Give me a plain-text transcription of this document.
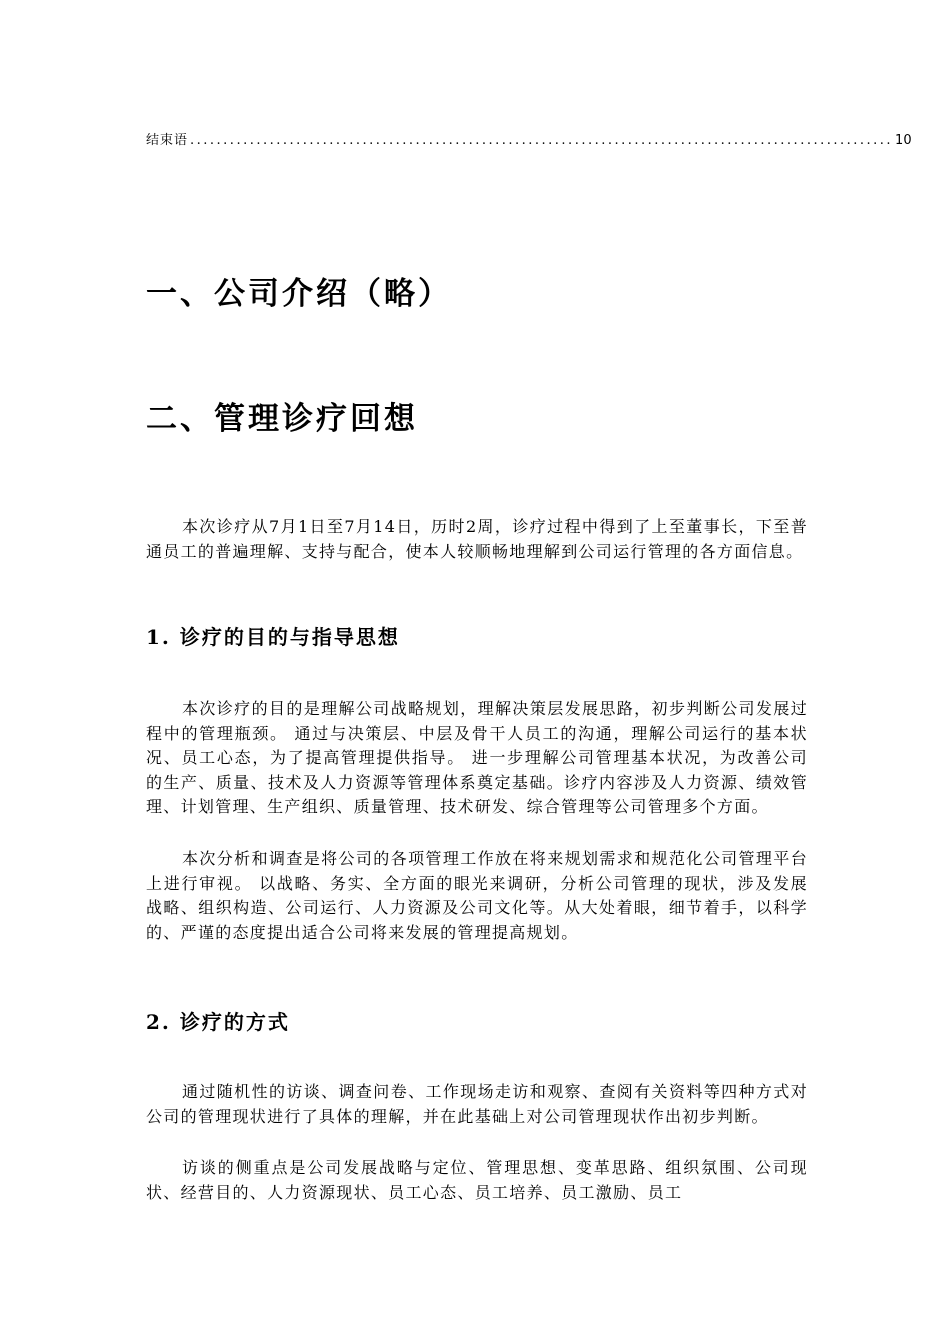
结束语 .......................................................................................................... 10
一、公司介绍（略）
二、管理诊疗回想

本次诊疗从7月1日至7月14日，历时2周，诊疗过程中得到了上至董事长，下至普通员工的普遍理解、支持与配合，使本人较顺畅地理解到公司运行管理的各方面信息。

1. 诊疗的目的与指导思想

本次诊疗的目的是理解公司战略规划，理解决策层发展思路，初步判断公司发展过程中的管理瓶颈。 通过与决策层、中层及骨干人员工的沟通，理解公司运行的基本状况、员工心态，为了提高管理提供指导。 进一步理解公司管理基本状况，为改善公司的生产、质量、技术及人力资源等管理体系奠定基础。诊疗内容涉及人力资源、绩效管理、计划管理、生产组织、质量管理、技术研发、综合管理等公司管理多个方面。

本次分析和调查是将公司的各项管理工作放在将来规划需求和规范化公司管理平台上进行审视。 以战略、务实、全方面的眼光来调研，分析公司管理的现状，涉及发展战略、组织构造、公司运行、人力资源及公司文化等。从大处着眼，细节着手，以科学的、严谨的态度提出适合公司将来发展的管理提高规划。

2. 诊疗的方式

通过随机性的访谈、调查问卷、工作现场走访和观察、查阅有关资料等四种方式对公司的管理现状进行了具体的理解，并在此基础上对公司管理现状作出初步判断。

访谈的侧重点是公司发展战略与定位、管理思想、变革思路、组织氛围、公司现状、经营目的、人力资源现状、员工心态、员工培养、员工激励、员工
